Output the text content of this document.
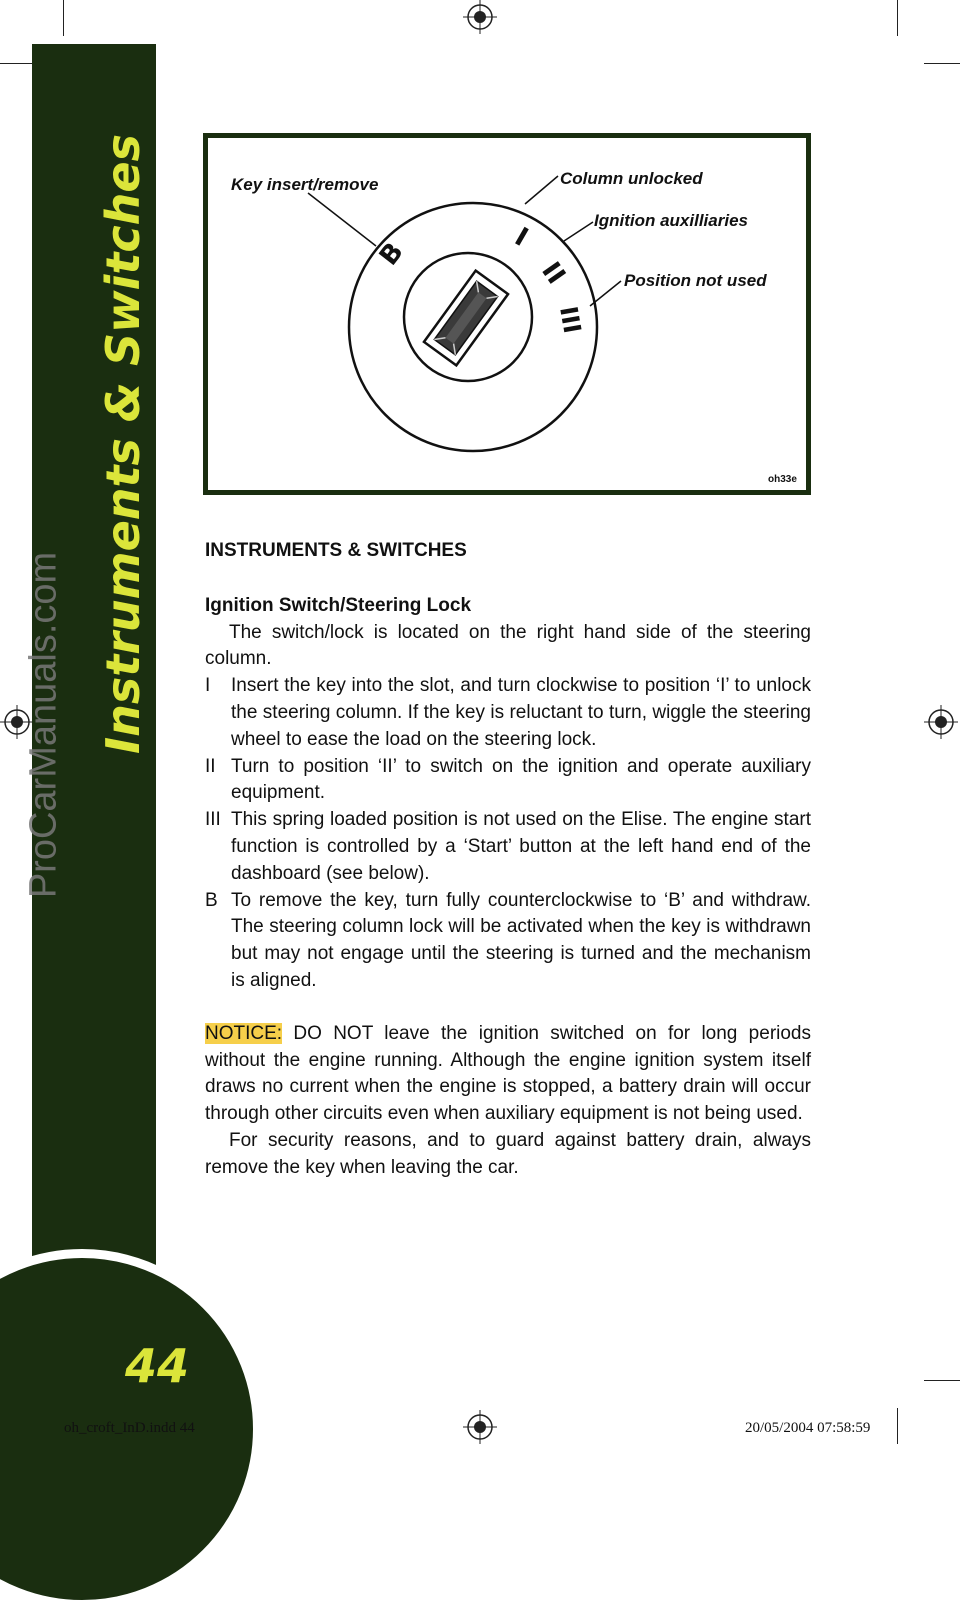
Instruments & Switches
44
ProCarManuals.com
B	I
II
III
Key insert/remove	Column unlocked
Ignition auxilliaries
Position not used
oh33e

INSTRUMENTS & SWITCHES

Ignition Switch/Steering Lock

The switch/lock is located on the right hand side of the steering column.

I	Insert the key into the slot, and turn clockwise to position ‘I’ to unlock the steering column. If the key is reluctant to turn, wiggle the steering wheel to ease the load on the steering lock.
II Turn to position ‘II’ to switch on the ignition and operate auxiliary equipment.
III This spring loaded position is not used on the Elise. The engine start function is controlled by a ‘Start’ button at the left hand end of the dashboard (see below).
B To remove the key, turn fully counterclockwise to ‘B’ and withdraw. The steering column lock will be activated when the key is withdrawn but may not engage until the steering is turned and the mechanism is aligned.

NOTICE: DO NOT leave the ignition switched on for long periods without the engine running. Although the engine ignition system itself draws no current when the engine is stopped, a battery drain will occur through other circuits even when auxiliary equipment is not being used.

For security reasons, and to guard against battery drain, always remove the key when leaving the car.

oh_croft_InD.indd 44	20/05/2004 07:58:59
